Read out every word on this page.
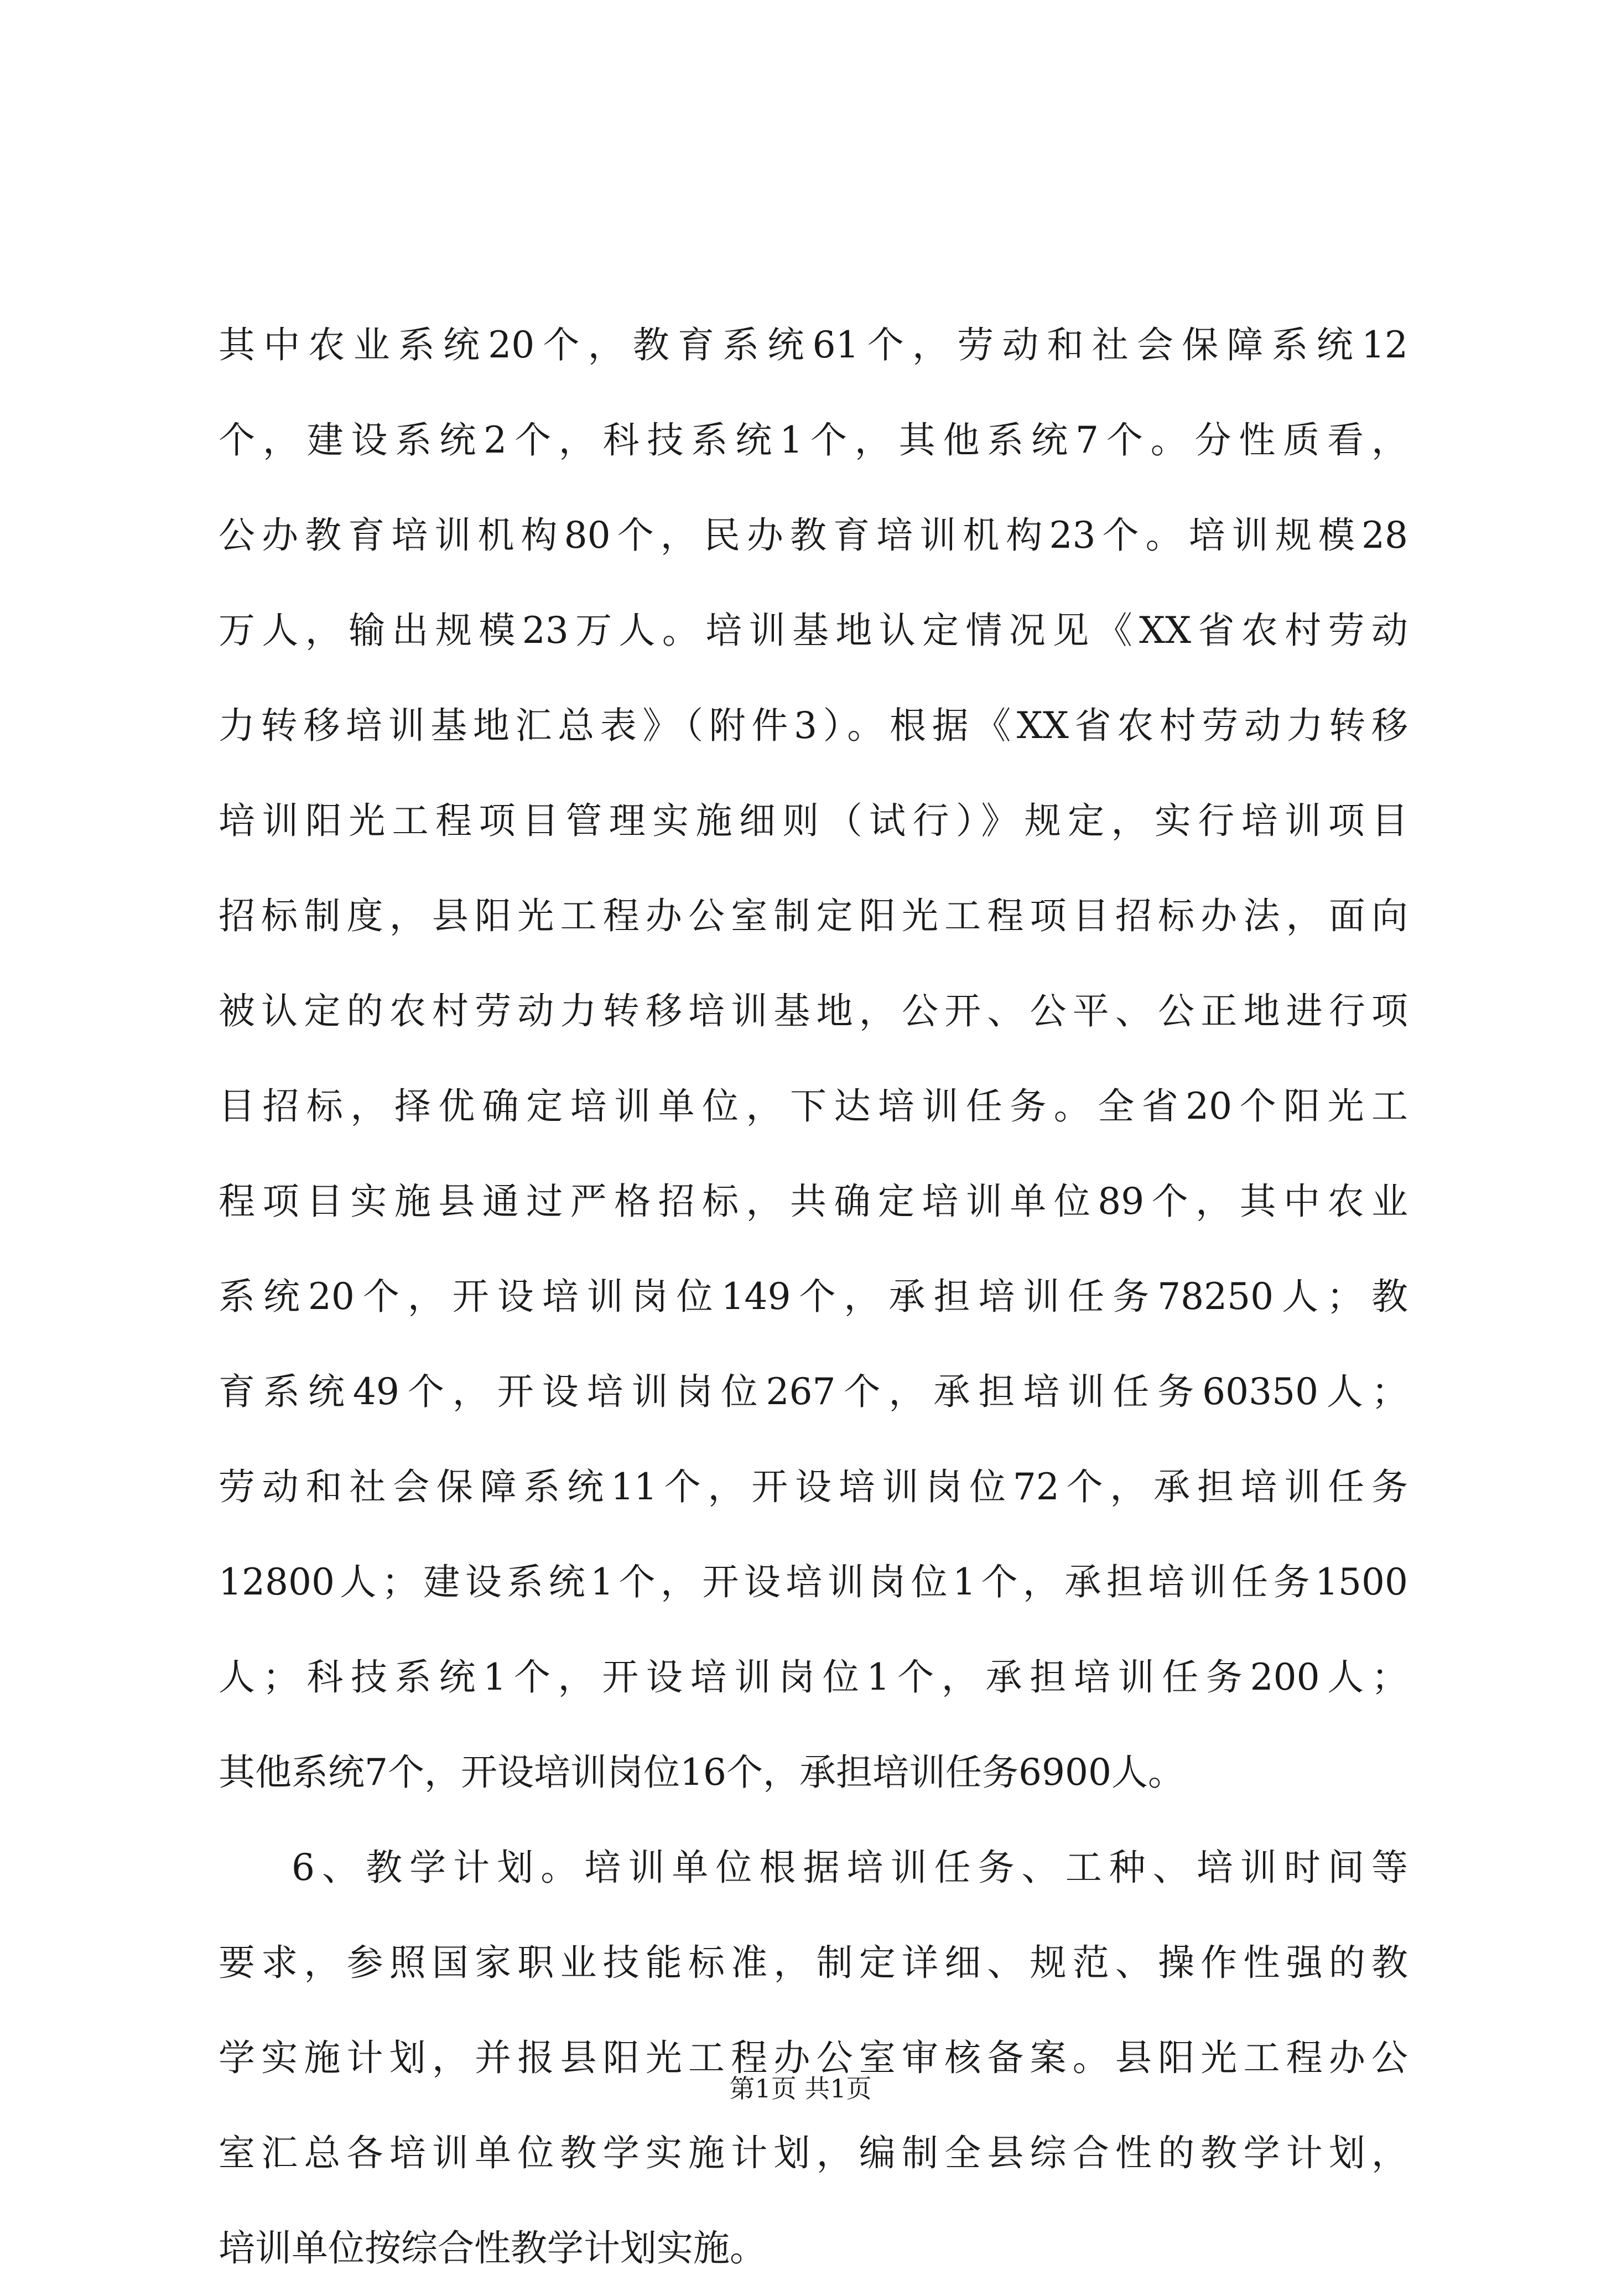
其中农业系统20个，教育系统61个，劳动和社会保障系统12
个，建设系统2个，科技系统1个，其他系统7个。分性质看，
公办教育培训机构80个，民办教育培训机构23个。培训规模28
万人，输出规模23万人。培训基地认定情况见《XX省农村劳动
力转移培训基地汇总表》（附件3）。根据《XX省农村劳动力转移
培训阳光工程项目管理实施细则（试行）》规定，实行培训项目
招标制度，县阳光工程办公室制定阳光工程项目招标办法，面向
被认定的农村劳动力转移培训基地，公开、公平、公正地进行项
目招标，择优确定培训单位，下达培训任务。全省20个阳光工
程项目实施县通过严格招标，共确定培训单位89个，其中农业
系统20个，开设培训岗位149个，承担培训任务78250人；教
育系统49个，开设培训岗位267个，承担培训任务60350人；
劳动和社会保障系统11个，开设培训岗位72个，承担培训任务
12800人；建设系统1个，开设培训岗位1个，承担培训任务1500
人；科技系统1个，开设培训岗位1个，承担培训任务200人；
其他系统7个，开设培训岗位16个，承担培训任务6900人。
6、教学计划。培训单位根据培训任务、工种、培训时间等
要求，参照国家职业技能标准，制定详细、规范、操作性强的教
学实施计划，并报县阳光工程办公室审核备案。县阳光工程办公
室汇总各培训单位教学实施计划，编制全县综合性的教学计划，
培训单位按综合性教学计划实施。
第1页 共1页
